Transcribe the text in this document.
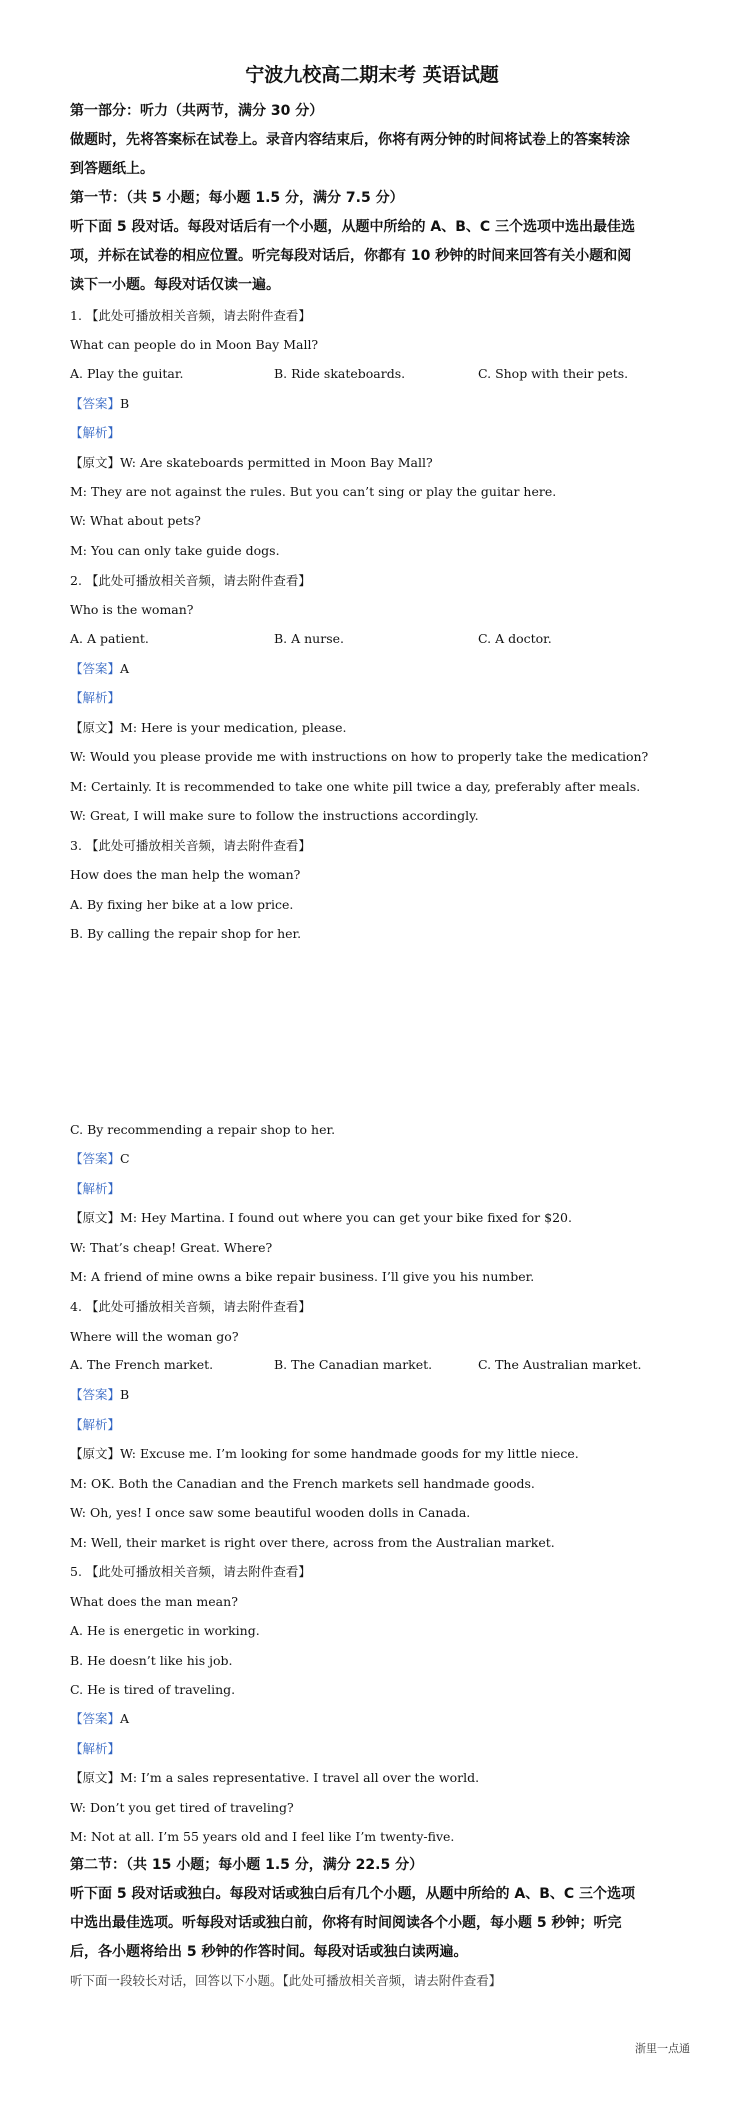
宁波九校高二期末考 英语试题
第一部分：听力（共两节，满分 30 分）
做题时，先将答案标在试卷上。录音内容结束后，你将有两分钟的时间将试卷上的答案转涂
到答题纸上。
第一节：（共 5 小题；每小题 1.5 分，满分 7.5 分）
听下面 5 段对话。每段对话后有一个小题，从题中所给的 A、B、C 三个选项中选出最佳选
项，并标在试卷的相应位置。听完每段对话后，你都有 10 秒钟的时间来回答有关小题和阅
读下一小题。每段对话仅读一遍。
1. 【此处可播放相关音频，请去附件查看】
What can people do in Moon Bay Mall?
A. Play the guitar.	B. Ride skateboards.	C. Shop with their pets.
【答案】B
【解析】
【原文】W: Are skateboards permitted in Moon Bay Mall?
M: They are not against the rules. But you can’t sing or play the guitar here.
W: What about pets?
M: You can only take guide dogs.
2. 【此处可播放相关音频，请去附件查看】
Who is the woman?
A. A patient.	B. A nurse.	C. A doctor.
【答案】A
【解析】
【原文】M: Here is your medication, please.
W: Would you please provide me with instructions on how to properly take the medication?
M: Certainly. It is recommended to take one white pill twice a day, preferably after meals.
W: Great, I will make sure to follow the instructions accordingly.
3. 【此处可播放相关音频，请去附件查看】
How does the man help the woman?
A. By fixing her bike at a low price.
B. By calling the repair shop for her.
C. By recommending a repair shop to her.
【答案】C
【解析】
【原文】M: Hey Martina. I found out where you can get your bike fixed for $20.
W: That’s cheap! Great. Where?
M: A friend of mine owns a bike repair business. I’ll give you his number.
4. 【此处可播放相关音频，请去附件查看】
Where will the woman go?
A. The French market.	B. The Canadian market.	C. The Australian market.
【答案】B
【解析】
【原文】W: Excuse me. I’m looking for some handmade goods for my little niece.
M: OK. Both the Canadian and the French markets sell handmade goods.
W: Oh, yes! I once saw some beautiful wooden dolls in Canada.
M: Well, their market is right over there, across from the Australian market.
5. 【此处可播放相关音频，请去附件查看】
What does the man mean?
A. He is energetic in working.
B. He doesn’t like his job.
C. He is tired of traveling.
【答案】A
【解析】
【原文】M: I’m a sales representative. I travel all over the world.
W: Don’t you get tired of traveling?
M: Not at all. I’m 55 years old and I feel like I’m twenty-five.
第二节：（共 15 小题；每小题 1.5 分，满分 22.5 分）
听下面 5 段对话或独白。每段对话或独白后有几个小题，从题中所给的 A、B、C 三个选项
中选出最佳选项。听每段对话或独白前，你将有时间阅读各个小题，每小题 5 秒钟；听完
后，各小题将给出 5 秒钟的作答时间。每段对话或独白读两遍。
听下面一段较长对话，回答以下小题。【此处可播放相关音频，请去附件查看】
浙里一点通
